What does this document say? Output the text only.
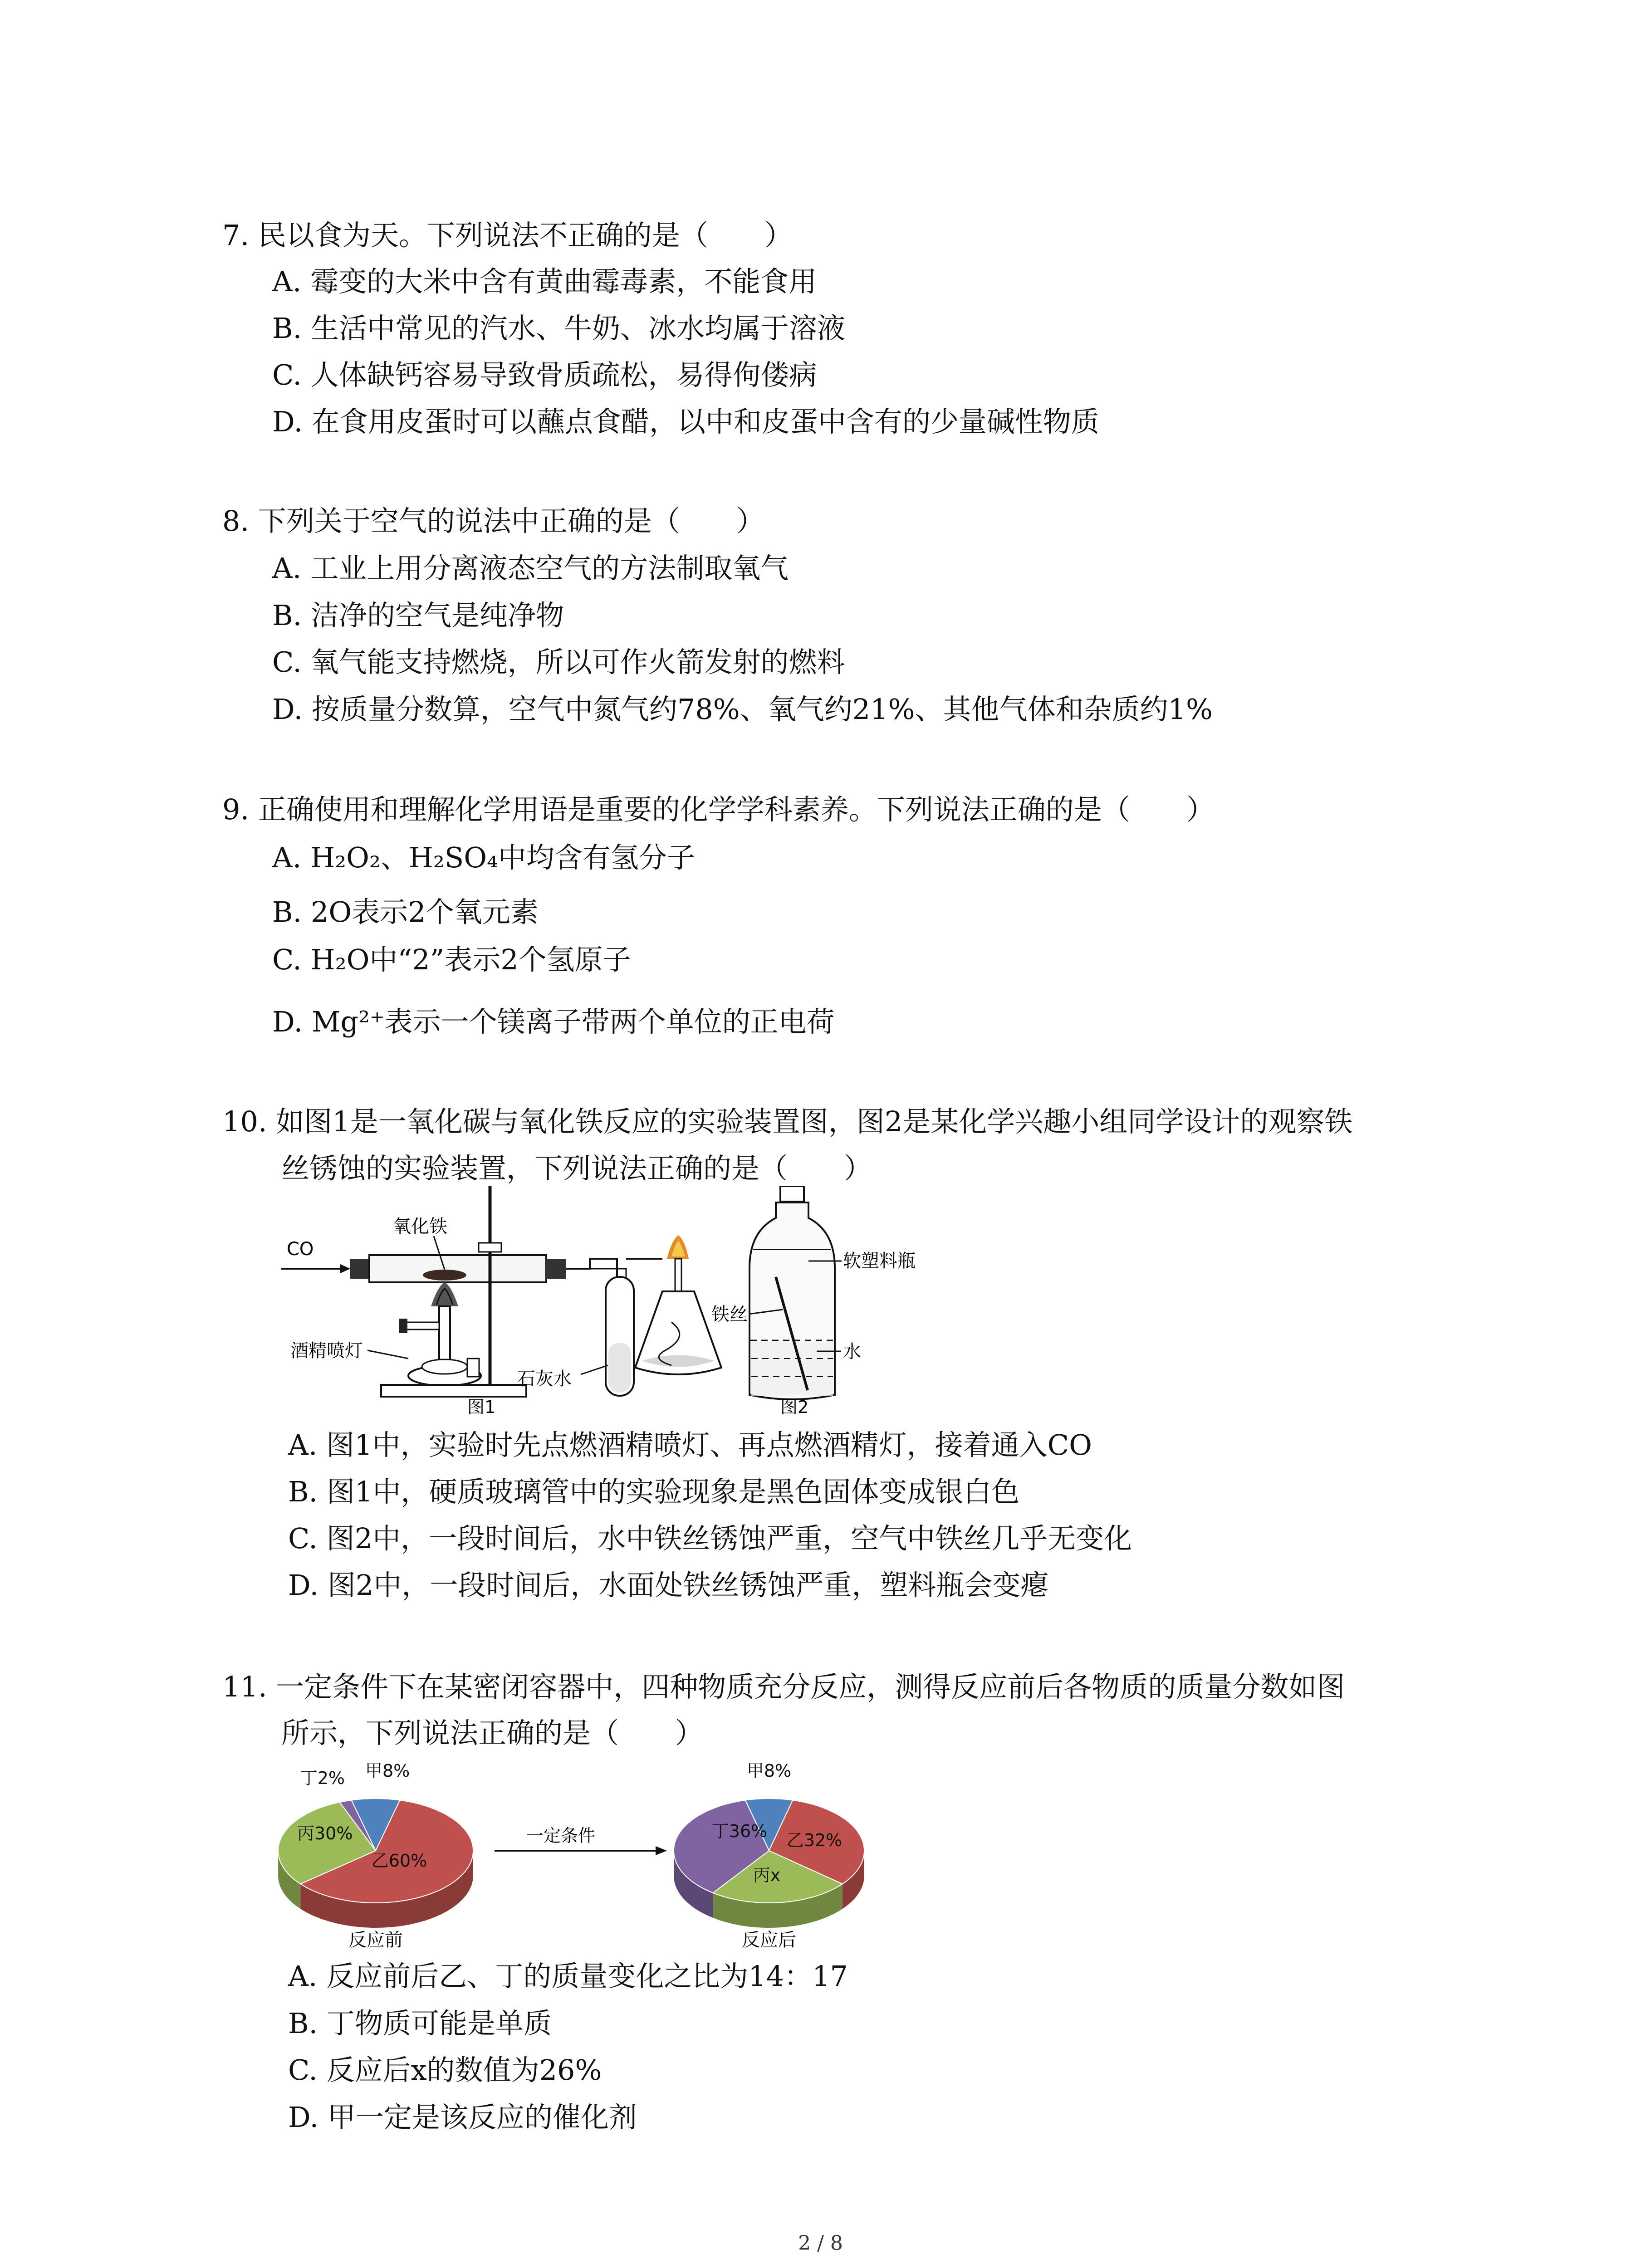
7. 民以食为天。下列说法不正确的是（　　）
A. 霉变的大米中含有黄曲霉毒素，不能食用
B. 生活中常见的汽水、牛奶、冰水均属于溶液
C. 人体缺钙容易导致骨质疏松，易得佝偻病
D. 在食用皮蛋时可以蘸点食醋，以中和皮蛋中含有的少量碱性物质
8. 下列关于空气的说法中正确的是（　　）
A. 工业上用分离液态空气的方法制取氧气
B. 洁净的空气是纯净物
C. 氧气能支持燃烧，所以可作火箭发射的燃料
D. 按质量分数算，空气中氮气约78%、氧气约21%、其他气体和杂质约1%
9. 正确使用和理解化学用语是重要的化学学科素养。下列说法正确的是（　　）
A. H₂O₂、H₂SO₄中均含有氢分子
B. 2O表示2个氧元素
C. H₂O中“2”表示2个氢原子
D. Mg²⁺表示一个镁离子带两个单位的正电荷
10. 如图1是一氧化碳与氧化铁反应的实验装置图，图2是某化学兴趣小组同学设计的观察铁
丝锈蚀的实验装置，下列说法正确的是（　　）
CO
氧化铁
酒精喷灯
石灰水
图1
软塑料瓶
铁丝
水
图2
A. 图1中，实验时先点燃酒精喷灯、再点燃酒精灯，接着通入CO
B. 图1中，硬质玻璃管中的实验现象是黑色固体变成银白色
C. 图2中，一段时间后，水中铁丝锈蚀严重，空气中铁丝几乎无变化
D. 图2中，一段时间后，水面处铁丝锈蚀严重，塑料瓶会变瘪
11. 一定条件下在某密闭容器中，四种物质充分反应，测得反应前后各物质的质量分数如图
所示，下列说法正确的是（　　）
甲8%
丁2%
丙30%
乙60%
甲8%
丁36% 乙32%
丙x
一定条件
反应前	反应后
A. 反应前后乙、丁的质量变化之比为14：17
B. 丁物质可能是单质
C. 反应后x的数值为26%
D. 甲一定是该反应的催化剂
2 / 8
